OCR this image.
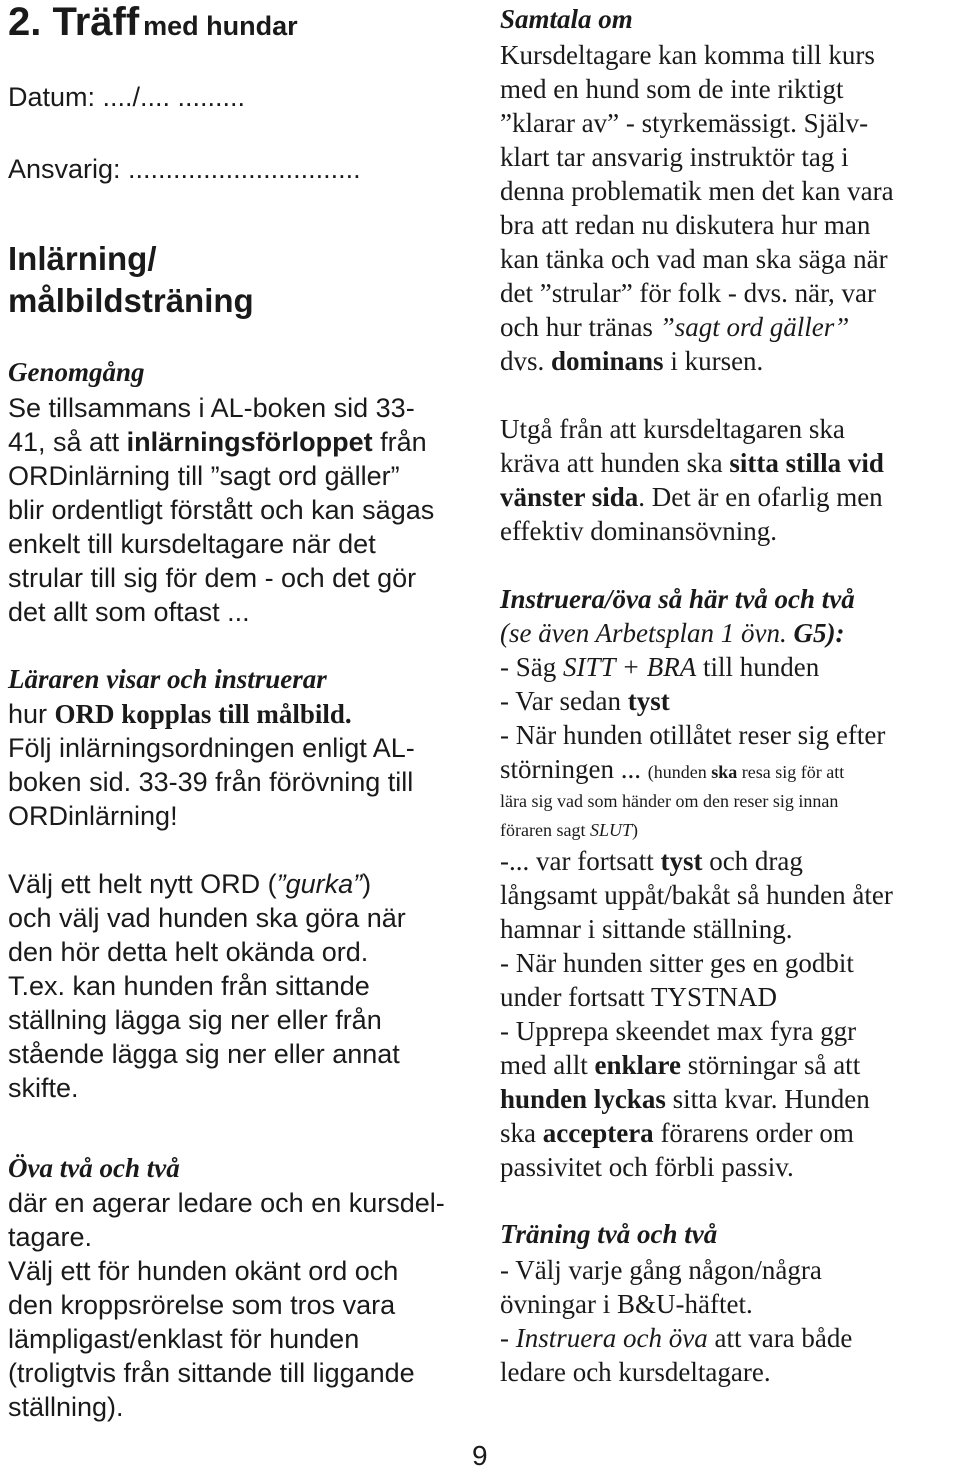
2. Träff med hundar
Datum: ..../.... .........
Ansvarig: ...............................
Inlärning/
målbildsträning
Genomgång
Se tillsammans i AL-boken sid 33-
41, så att inlärningsförloppet från
ORDinlärning till ”sagt ord gäller”
blir ordentligt förstått och kan sägas
enkelt till kursdeltagare när det
strular till sig för dem - och det gör
det allt som oftast ...
Läraren visar och instruerar
hur ORD kopplas till målbild.
Följ inlärningsordningen enligt AL-
boken sid. 33-39 från förövning till
ORDinlärning!
Välj ett helt nytt ORD (”gurka”)
och välj vad hunden ska göra när
den hör detta helt okända ord.
T.ex. kan hunden från sittande
ställning lägga sig ner eller från
stående lägga sig ner eller annat
skifte.
Öva två och två
där en agerar ledare och en kursdel-
tagare.
Välj ett för hunden okänt ord och
den kroppsrörelse som tros vara
lämpligast/enklast för hunden
(troligtvis från sittande till liggande
ställning).
Samtala om
Kursdeltagare kan komma till kurs
med en hund som de inte riktigt
”klarar av” - styrkemässigt. Själv-
klart tar ansvarig instruktör tag i
denna problematik men det kan vara
bra att redan nu diskutera hur man
kan tänka och vad man ska säga när
det ”strular” för folk - dvs. när, var
och hur tränas ”sagt ord gäller”
dvs. dominans i kursen.
Utgå från att kursdeltagaren ska
kräva att hunden ska sitta stilla vid
vänster sida. Det är en ofarlig men
effektiv dominansövning.
Instruera/öva så här två och två
(se även Arbetsplan 1 övn. G5):
- Säg SITT + BRA till hunden
- Var sedan tyst
- När hunden otillåtet reser sig efter
störningen ... (hunden ska resa sig för att
lära sig vad som händer om den reser sig innan
föraren sagt SLUT)
-... var fortsatt tyst och drag
långsamt uppåt/bakåt så hunden åter
hamnar i sittande ställning.
- När hunden sitter ges en godbit
under fortsatt TYSTNAD
- Upprepa skeendet max fyra ggr
med allt enklare störningar så att
hunden lyckas sitta kvar. Hunden
ska acceptera förarens order om
passivitet och förbli passiv.
Träning två och två
- Välj varje gång någon/några
övningar i B&U-häftet.
- Instruera och öva att vara både
ledare och kursdeltagare.
9
